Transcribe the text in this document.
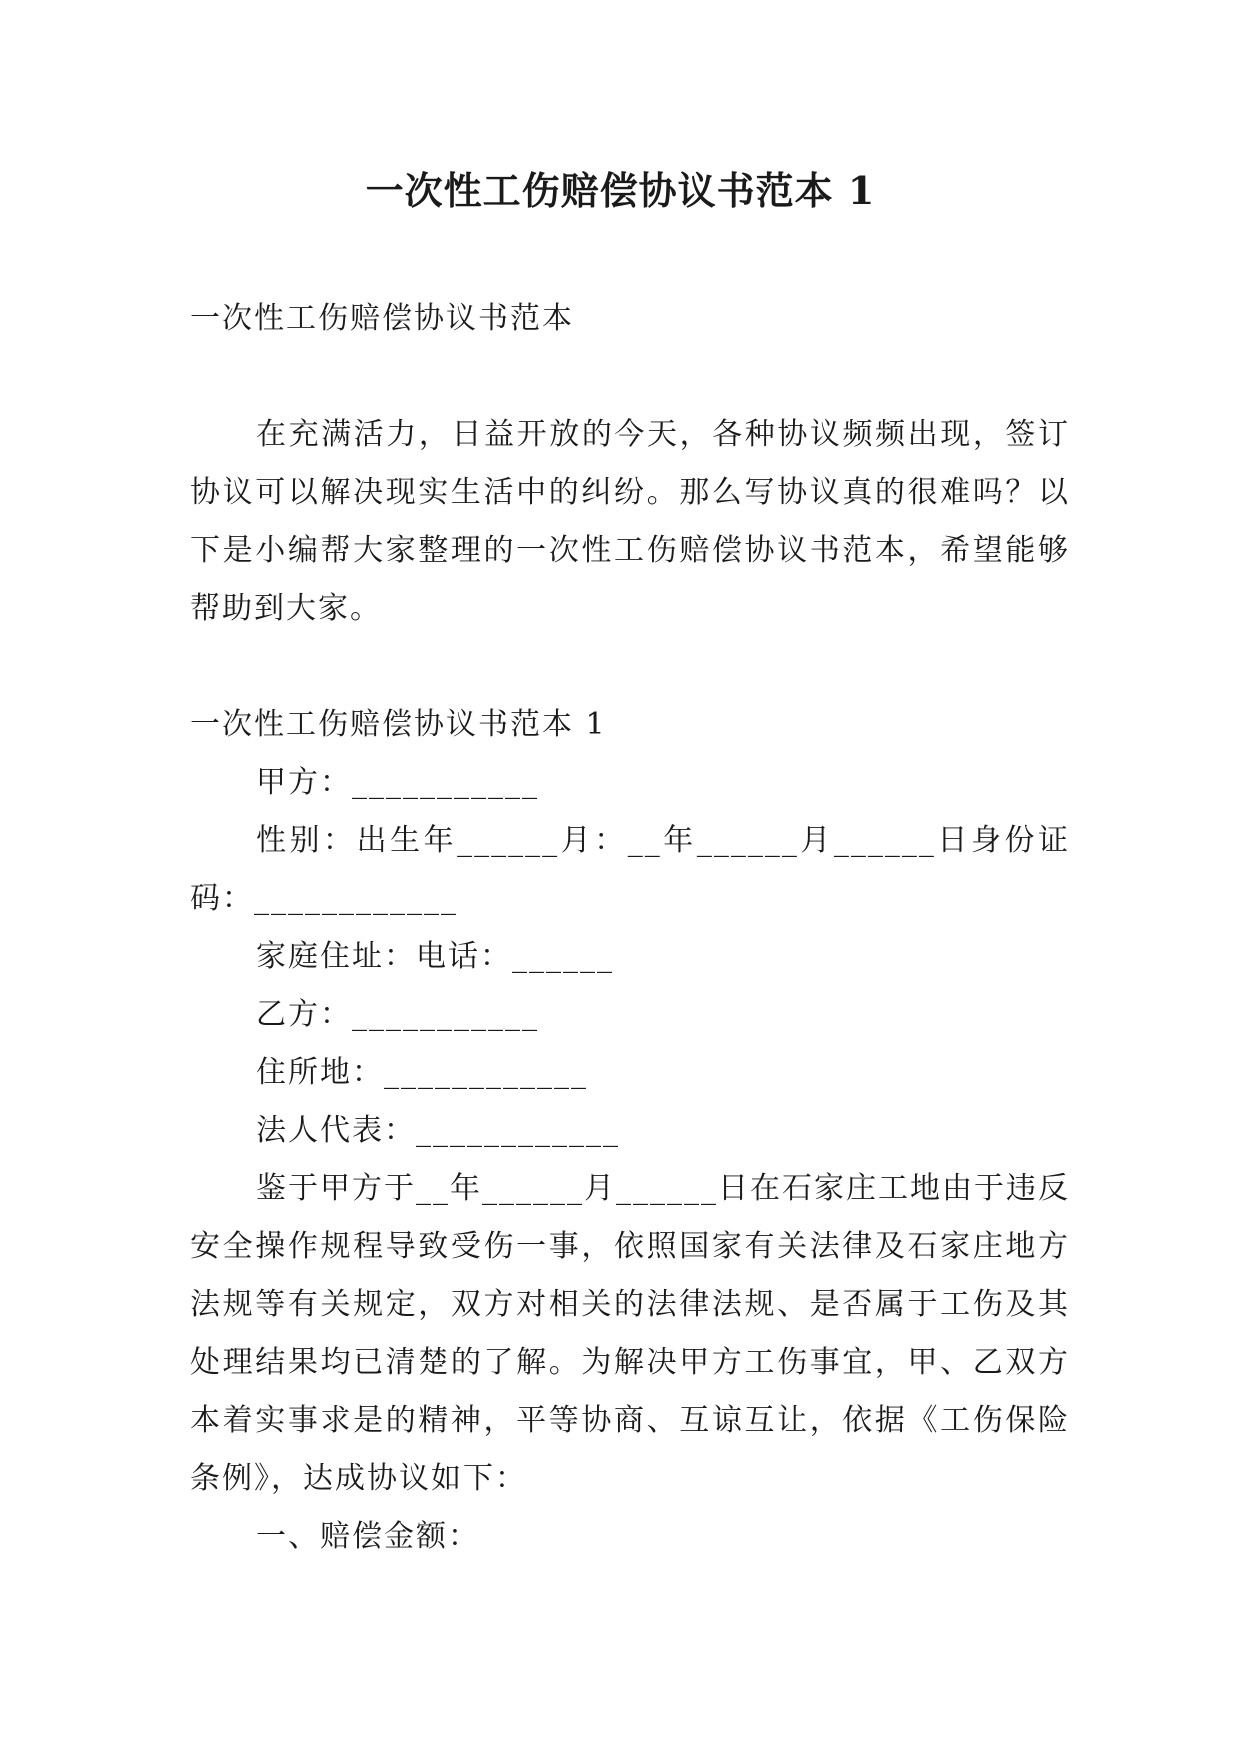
一次性工伤赔偿协议书范本 1

一次性工伤赔偿协议书范本

在充满活力，日益开放的今天，各种协议频频出现，签订协议可以解决现实生活中的纠纷。那么写协议真的很难吗？以下是小编帮大家整理的一次性工伤赔偿协议书范本，希望能够帮助到大家。

一次性工伤赔偿协议书范本 1

甲方：___________

性别：出生年______月：__年______月______日身份证码：____________

家庭住址：电话：______

乙方：___________

住所地：____________

法人代表：____________

鉴于甲方于__年______月______日在石家庄工地由于违反安全操作规程导致受伤一事，依照国家有关法律及石家庄地方法规等有关规定，双方对相关的法律法规、是否属于工伤及其处理结果均已清楚的了解。为解决甲方工伤事宜，甲、乙双方本着实事求是的精神，平等协商、互谅互让，依据《工伤保险条例》，达成协议如下：

一、赔偿金额：
